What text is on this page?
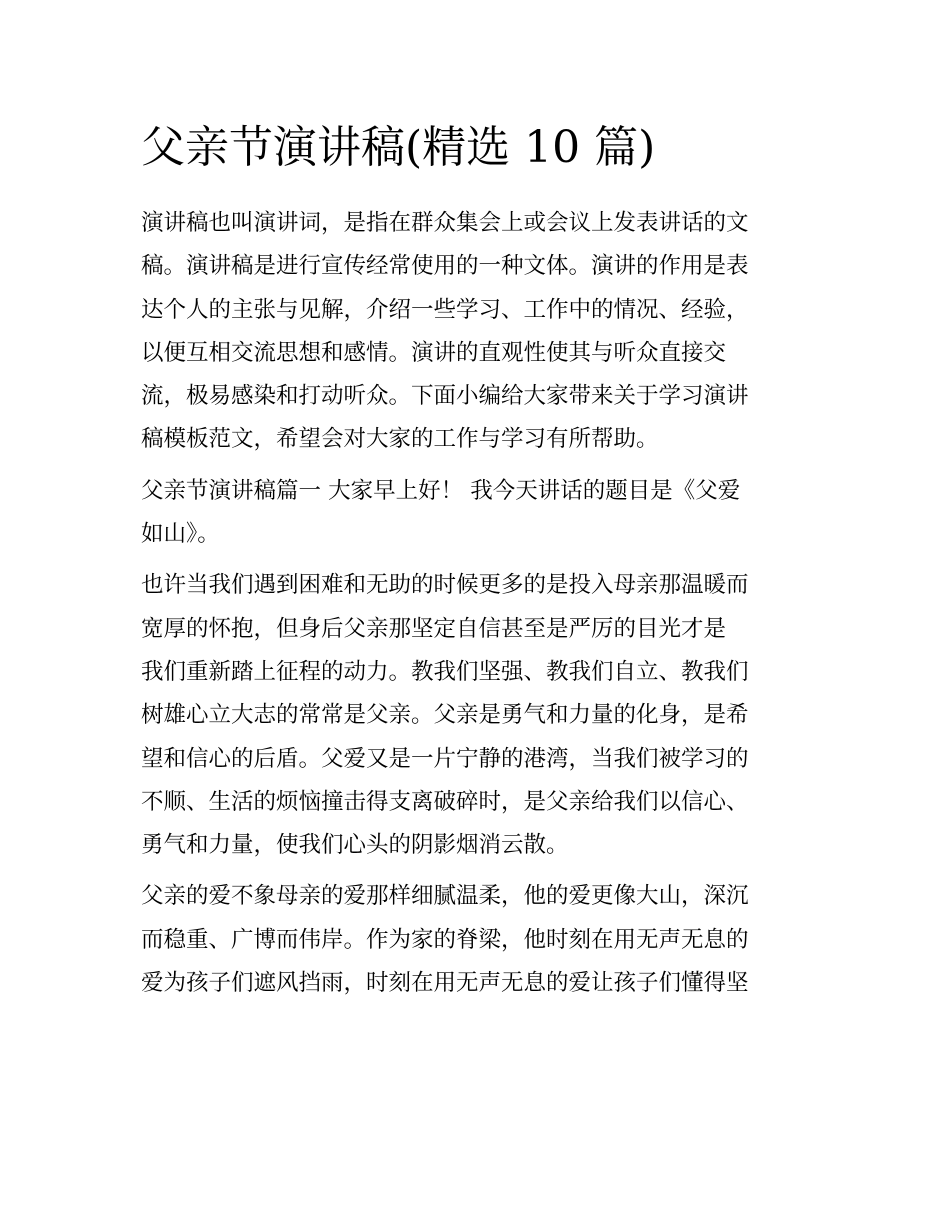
父亲节演讲稿(精选 10 篇)

演讲稿也叫演讲词，是指在群众集会上或会议上发表讲话的文
稿。演讲稿是进行宣传经常使用的一种文体。演讲的作用是表
达个人的主张与见解，介绍一些学习、工作中的情况、经验，
以便互相交流思想和感情。演讲的直观性使其与听众直接交
流，极易感染和打动听众。下面小编给大家带来关于学习演讲
稿模板范文，希望会对大家的工作与学习有所帮助。

父亲节演讲稿篇一 大家早上好！ 我今天讲话的题目是《父爱
如山》。

也许当我们遇到困难和无助的时候更多的是投入母亲那温暖而
宽厚的怀抱，但身后父亲那坚定自信甚至是严厉的目光才是
我们重新踏上征程的动力。教我们坚强、教我们自立、教我们
树雄心立大志的常常是父亲。父亲是勇气和力量的化身，是希
望和信心的后盾。父爱又是一片宁静的港湾，当我们被学习的
不顺、生活的烦恼撞击得支离破碎时，是父亲给我们以信心、
勇气和力量，使我们心头的阴影烟消云散。

父亲的爱不象母亲的爱那样细腻温柔，他的爱更像大山，深沉
而稳重、广博而伟岸。作为家的脊梁，他时刻在用无声无息的
爱为孩子们遮风挡雨，时刻在用无声无息的爱让孩子们懂得坚
